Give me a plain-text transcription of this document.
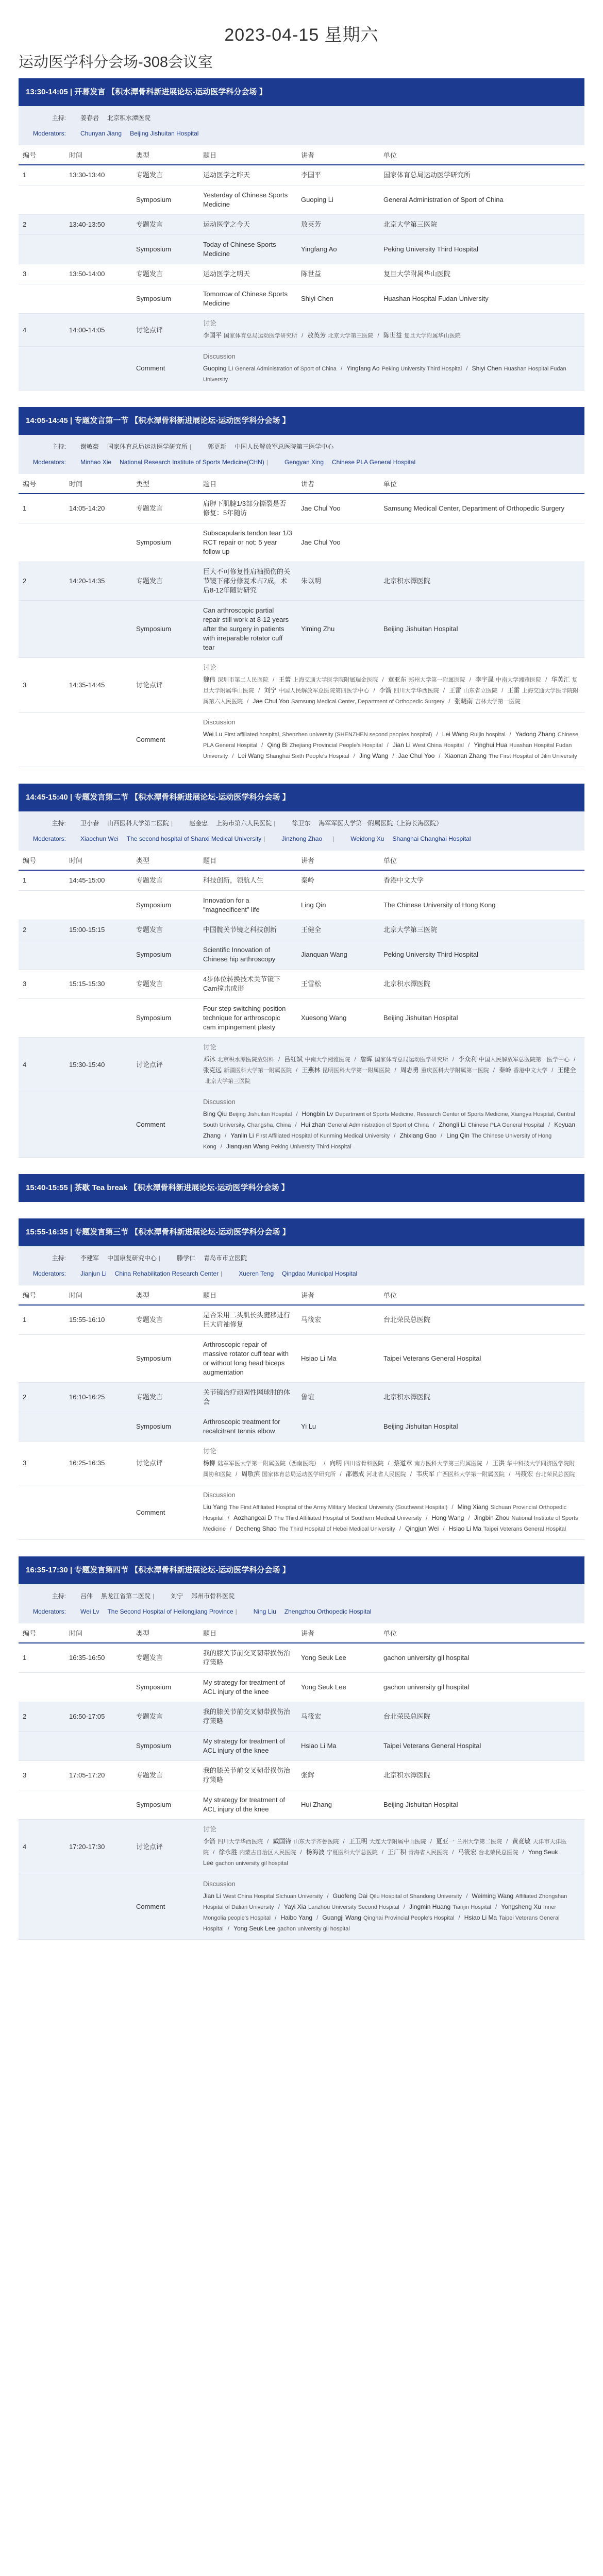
2023-04-15 星期六
运动医学科分会场-308会议室
13:30-14:05 | 开幕发言 【积水潭骨科新进展论坛-运动医学科分会场 】
主持:	姜春岩 北京积水潭医院
Moderators:	Chunyan Jiang Beijing Jishuitan Hospital
编号	时间	类型	题目	讲者	单位
1	13:30-13:40	专题发言	运动医学之昨天	李国平	国家体育总局运动医学研究所
		Symposium	Yesterday of Chinese Sports Medicine	Guoping Li	General Administration of Sport of China
2	13:40-13:50	专题发言	运动医学之今天	敖英芳	北京大学第三医院
		Symposium	Today of Chinese Sports Medicine	Yingfang Ao	Peking University Third Hospital
3	13:50-14:00	专题发言	运动医学之明天	陈世益	复旦大学附属华山医院
		Symposium	Tomorrow of Chinese Sports Medicine	Shiyi Chen	Huashan Hospital Fudan University
4	14:00-14:05	讨论点评	讨论
李国平 国家体育总局运动医学研究所 / 敖英芳 北京大学第三医院 / 陈世益 复旦大学附属华山医院		

		Comment	Discussion
Guoping Li General Administration of Sport of China / Yingfang Ao Peking University Third Hospital / Shiyi Chen Huashan Hospital Fudan University		
14:05-14:45 | 专题发言第一节 【积水潭骨科新进展论坛-运动医学科分会场 】
主持:	谢敏豪 国家体育总局运动医学研究所 |	郭更新 中国人民解放军总医院第三医学中心
Moderators:	Minhao Xie National Research Institute of Sports Medicine(CHN) |	Gengyan Xing Chinese PLA General Hospital
编号	时间	类型	题目	讲者	单位
1	14:05-14:20	专题发言	肩胛下肌腱1/3部分撕裂是否修复：5年随访	Jae Chul Yoo	Samsung Medical Center, Department of Orthopedic Surgery
		Symposium	Subscapularis tendon tear 1/3 RCT repair or not: 5 year follow up	Jae Chul Yoo	
2	14:20-14:35	专题发言	巨大不可修复性肩袖损伤的关节镜下部分修复术占7成，术后8-12年随访研究	朱以明	北京积水潭医院
		Symposium	Can arthroscopic partial repair still work at 8-12 years after the surgery in patients with irreparable rotator cuff tear	Yiming Zhu	Beijing Jishuitan Hospital
3	14:35-14:45	讨论点评	讨论
魏伟 深圳市第二人民医院 / 王蕾 上海交通大学医学院附属瑞金医院 / 章亚东 郑州大学第一附属医院 / 李宇晟 中南大学湘雅医院 / 华英汇 复旦大学附属华山医院 / 刘宁 中国人民解放军总医院第四医学中心 / 李箭 四川大学华西医院 / 王雷 山东省立医院 / 王雷 上海交通大学医学院附属第六人民医院 / Jae Chul Yoo Samsung Medical Center, Department of Orthopedic Surgery / 张晓南 吉林大学第一医院		

		Comment	Discussion
Wei Lu First affiliated hospital, Shenzhen university (SHENZHEN second peoples hospital) / Lei Wang Ruijin hospital / Yadong Zhang Chinese PLA General Hospital / Qing Bi Zhejiang Provincial People's Hospital / Jian Li West China Hospital / Yinghui Hua Huashan Hospital Fudan University / Lei Wang Shanghai Sixth People's Hospital / Jing Wang / Jae Chul Yoo / Xiaonan Zhang The First Hospital of Jilin University		
14:45-15:40 | 专题发言第二节 【积水潭骨科新进展论坛-运动医学科分会场 】
主持:	卫小春 山西医科大学第二医院 |	赵金忠 上海市第六人民医院 |	徐卫东 海军军医大学第一附属医院（上海长海医院）
Moderators:	Xiaochun Wei The second hospital of Shanxi Medical University |	Jinzhong Zhao |	Weidong Xu Shanghai Changhai Hospital
编号	时间	类型	题目	讲者	单位
1	14:45-15:00	专题发言	科技创新，领航人生	秦岭	香港中文大学
		Symposium	Innovation for a "magnecificent" life	Ling Qin	The Chinese University of Hong Kong
2	15:00-15:15	专题发言	中国髋关节镜之科技创新	王健全	北京大学第三医院
		Symposium	Scientific Innovation of Chinese hip arthroscopy	Jianquan Wang	Peking University Third Hospital
3	15:15-15:30	专题发言	4步体位转换技术关节镜下Cam撞击成形	王雪松	北京积水潭医院
		Symposium	Four step switching position technique for arthroscopic cam impingement plasty	Xuesong Wang	Beijing Jishuitan Hospital
4	15:30-15:40	讨论点评	讨论
邓沐 北京积水潭医院放射科 / 吕红斌 中南大学湘雅医院 / 詹晖 国家体育总局运动医学研究所 / 李众利 中国人民解放军总医院第一医学中心 /张克远 新疆医科大学第一附属医院 / 王燕林 昆明医科大学第一附属医院 / 周志勇 重庆医科大学附属第一医院 / 秦岭 香港中文大学 / 王健全北京大学第三医院		

		Comment	Discussion
Bing Qiu Beijing Jishuitan Hospital / Hongbin Lv Department of Sports Medicine, Research Center of Sports Medicine, Xiangya Hospital, Central South University, Changsha, China / Hui zhan General Administration of Sport of China / Zhongli Li Chinese PLA General Hospital / Keyuan Zhang / Yanlin Li First Affiliated Hospital of Kunming Medical University / Zhixiang Gao / Ling Qin The Chinese University of Hong Kong / Jianquan Wang Peking University Third Hospital		
15:40-15:55 | 茶歇 Tea break 【积水潭骨科新进展论坛-运动医学科分会场 】
15:55-16:35 | 专题发言第三节 【积水潭骨科新进展论坛-运动医学科分会场 】
主持:	李建军 中国康复研究中心 |	滕学仁 青岛市市立医院
Moderators:	Jianjun Li China Rehabilitation Research Center |	Xueren Teng Qingdao Municipal Hospital
编号	时间	类型	题目	讲者	单位
1	15:55-16:10	专题发言	是否采用二头肌长头腱移进行巨大肩袖修复	马筱宏	台北荣民总医院
		Symposium	Arthroscopic repair of massive rotator cuff tear with or without long head biceps augmentation	Hsiao Li Ma	Taipei Veterans General Hospital
2	16:10-16:25	专题发言	关节镜治疗顽固性网球肘的体会	鲁谊	北京积水潭医院
		Symposium	Arthroscopic treatment for recalcitrant tennis elbow	Yi Lu	Beijing Jishuitan Hospital
3	16:25-16:35	讨论点评	讨论
杨柳 陆军军医大学第一附属医院（西南医院） / 向明 四川省骨科医院 / 蔡道章 南方医科大学第三附属医院 / 王洪 华中科技大学同济医学院附属协和医院 / 周敬滨 国家体育总局运动医学研究所 / 邵德成 河北省人民医院 / 韦庆军 广西医科大学第一附属医院 / 马筱宏 台北荣民总医院		

		Comment	Discussion
Liu Yang The First Affiliated Hospital of the Army Military Medical University (Southwest Hospital) / Ming Xiang Sichuan Provincial Orthopedic Hospital / Aozhangcai D The Third Affiliated Hospital of Southern Medical University / Hong Wang / Jingbin Zhou National Institute of Sports Medicine / Decheng Shao The Third Hospital of Hebei Medical University / Qingjun Wei / Hsiao Li Ma Taipei Veterans General Hospital		
16:35-17:30 | 专题发言第四节 【积水潭骨科新进展论坛-运动医学科分会场 】
主持:	吕伟 黑龙江省第二医院 |	刘宁 郑州市骨科医院
Moderators:	Wei Lv The Second Hospital of Heilongjiang Province |	Ning Liu Zhengzhou Orthopedic Hospital
编号	时间	类型	题目	讲者	单位
1	16:35-16:50	专题发言	我的膝关节前交叉韧带损伤治疗策略	Yong Seuk Lee	gachon university gil hospital
		Symposium	My strategy for treatment of ACL injury of the knee	Yong Seuk Lee	gachon university gil hospital
2	16:50-17:05	专题发言	我的膝关节前交叉韧带损伤治疗策略	马筱宏	台北荣民总医院
		Symposium	My strategy for treatment of ACL injury of the knee	Hsiao Li Ma	Taipei Veterans General Hospital
3	17:05-17:20	专题发言	我的膝关节前交叉韧带损伤治疗策略	张辉	北京积水潭医院
		Symposium	My strategy for treatment of ACL injury of the knee	Hui Zhang	Beijing Jishuitan Hospital
4	17:20-17:30	讨论点评	讨论
李箭 四川大学华西医院 / 戴国锋 山东大学齐鲁医院 / 王卫明 大连大学附属中山医院 / 夏亚一 兰州大学第二医院 / 黄竟敏 天津市天津医院 / 徐永胜 内蒙古自治区人民医院 / 杨海波 宁夏医科大学总医院 / 王广积 青海省人民医院 / 马筱宏 台北荣民总医院 / Yong Seuk Lee gachon university gil hospital		

		Comment	Discussion
Jian Li West China Hospital Sichuan University / Guofeng Dai Qilu Hospital of Shandong University / Weiming Wang Affiliated Zhongshan Hospital of Dalian University / Yayi Xia Lanzhou University Second Hospital / Jingmin Huang Tianjin Hospital / Yongsheng Xu Inner Mongolia people's Hospital / Haibo Yang / Guangji Wang Qinghai Provincial People's Hospital / Hsiao Li Ma Taipei Veterans General Hospital / Yong Seuk Lee gachon university gil hospital		
